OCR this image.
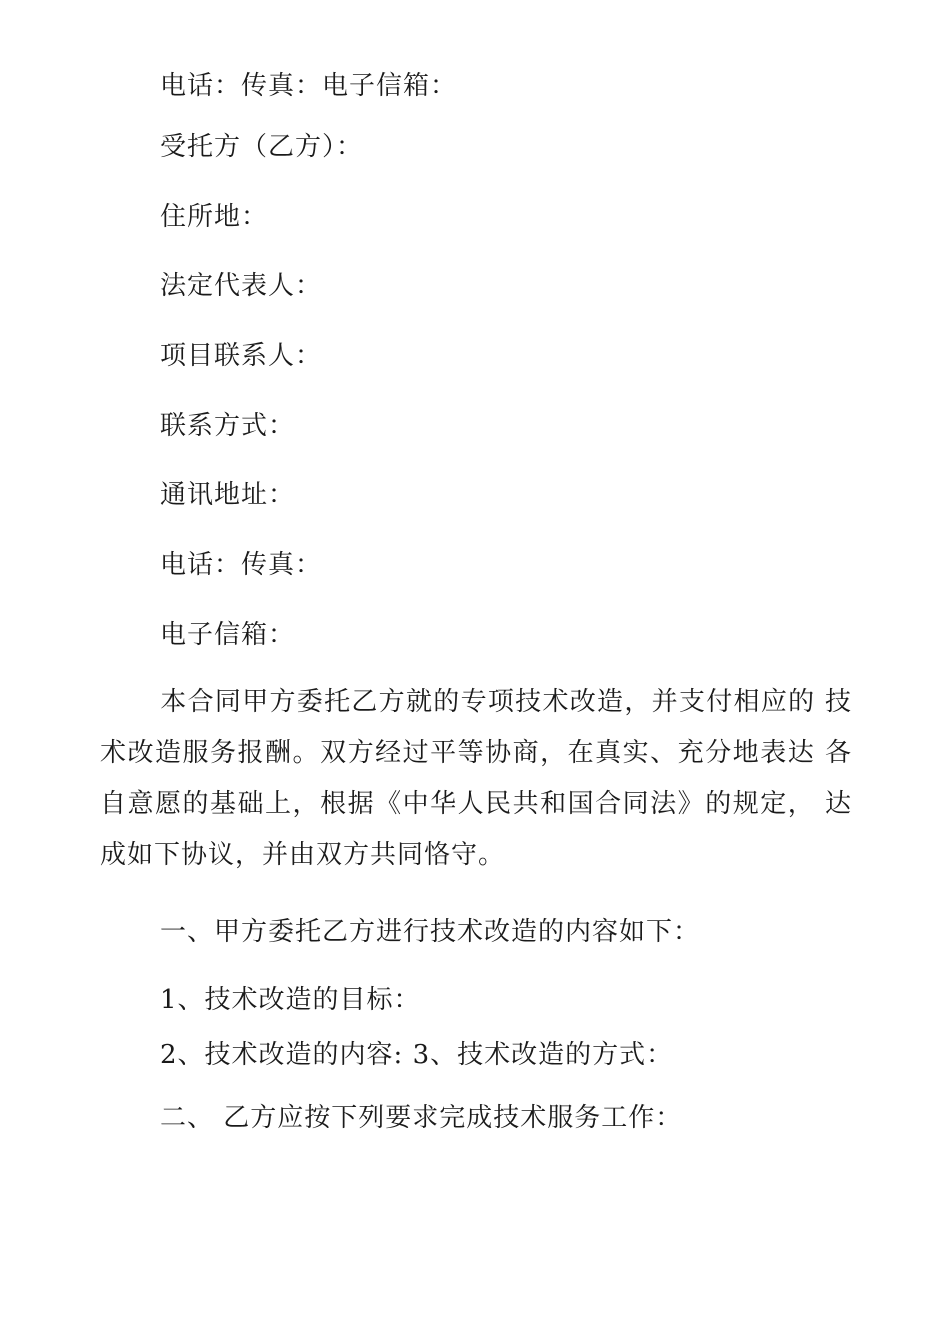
电话：传真：电子信箱：
受托方（乙方）：
住所地：
法定代表人：
项目联系人：
联系方式：
通讯地址：
电话：传真：
电子信箱：
本合同甲方委托乙方就的专项技术改造，并支付相应的 技术改造服务报酬。双方经过平等协商，在真实、充分地表达 各自意愿的基础上，根据《中华人民共和国合同法》的规定， 达成如下协议，并由双方共同恪守。
一、甲方委托乙方进行技术改造的内容如下：
1、技术改造的目标：
2、技术改造的内容: 3、技术改造的方式：
二、 乙方应按下列要求完成技术服务工作：
